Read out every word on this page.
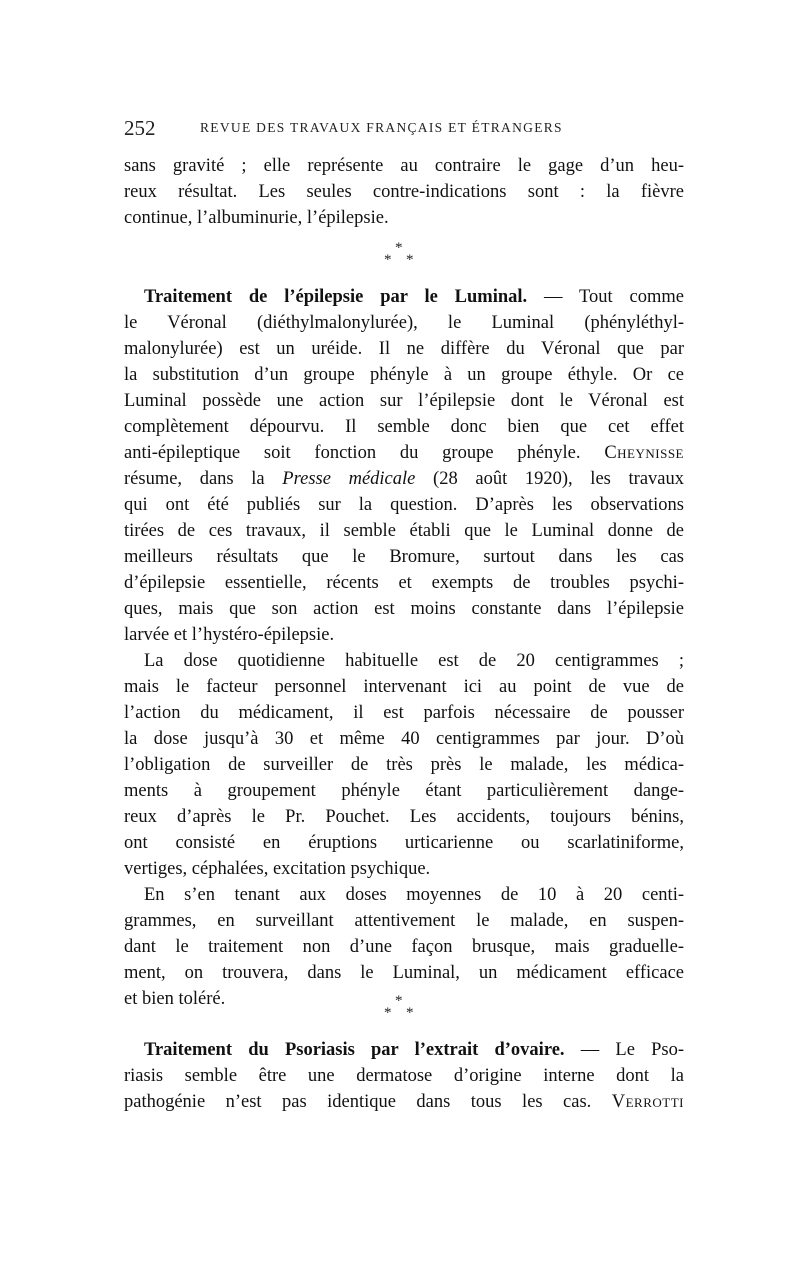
252	REVUE DES TRAVAUX FRANÇAIS ET ÉTRANGERS
sans gravité ; elle représente au contraire le gage d’un heu-
reux résultat. Les seules contre-indications sont : la fièvre
continue, l’albuminurie, l’épilepsie.
*
* *
Traitement de l’épilepsie par le Luminal. — Tout comme
le Véronal (diéthylmalonylurée), le Luminal (phényléthyl-
malonylurée) est un uréide. Il ne diffère du Véronal que par
la substitution d’un groupe phényle à un groupe éthyle. Or ce
Luminal possède une action sur l’épilepsie dont le Véronal est
complètement dépourvu. Il semble donc bien que cet effet
anti-épileptique soit fonction du groupe phényle. Cheynisse
résume, dans la Presse médicale (28 août 1920), les travaux
qui ont été publiés sur la question. D’après les observations
tirées de ces travaux, il semble établi que le Luminal donne de
meilleurs résultats que le Bromure, surtout dans les cas
d’épilepsie essentielle, récents et exempts de troubles psychi-
ques, mais que son action est moins constante dans l’épilepsie
larvée et l’hystéro-épilepsie.
La dose quotidienne habituelle est de 20 centigrammes ;
mais le facteur personnel intervenant ici au point de vue de
l’action du médicament, il est parfois nécessaire de pousser
la dose jusqu’à 30 et même 40 centigrammes par jour. D’où
l’obligation de surveiller de très près le malade, les médica-
ments à groupement phényle étant particulièrement dange-
reux d’après le Pr. Pouchet. Les accidents, toujours bénins,
ont consisté en éruptions urticarienne ou scarlatiniforme,
vertiges, céphalées, excitation psychique.
En s’en tenant aux doses moyennes de 10 à 20 centi-
grammes, en surveillant attentivement le malade, en suspen-
dant le traitement non d’une façon brusque, mais graduelle-
ment, on trouvera, dans le Luminal, un médicament efficace
et bien toléré.	*
* *
Traitement du Psoriasis par l’extrait d’ovaire. — Le Pso-
riasis semble être une dermatose d’origine interne dont la
pathogénie n’est pas identique dans tous les cas. Verrotti
